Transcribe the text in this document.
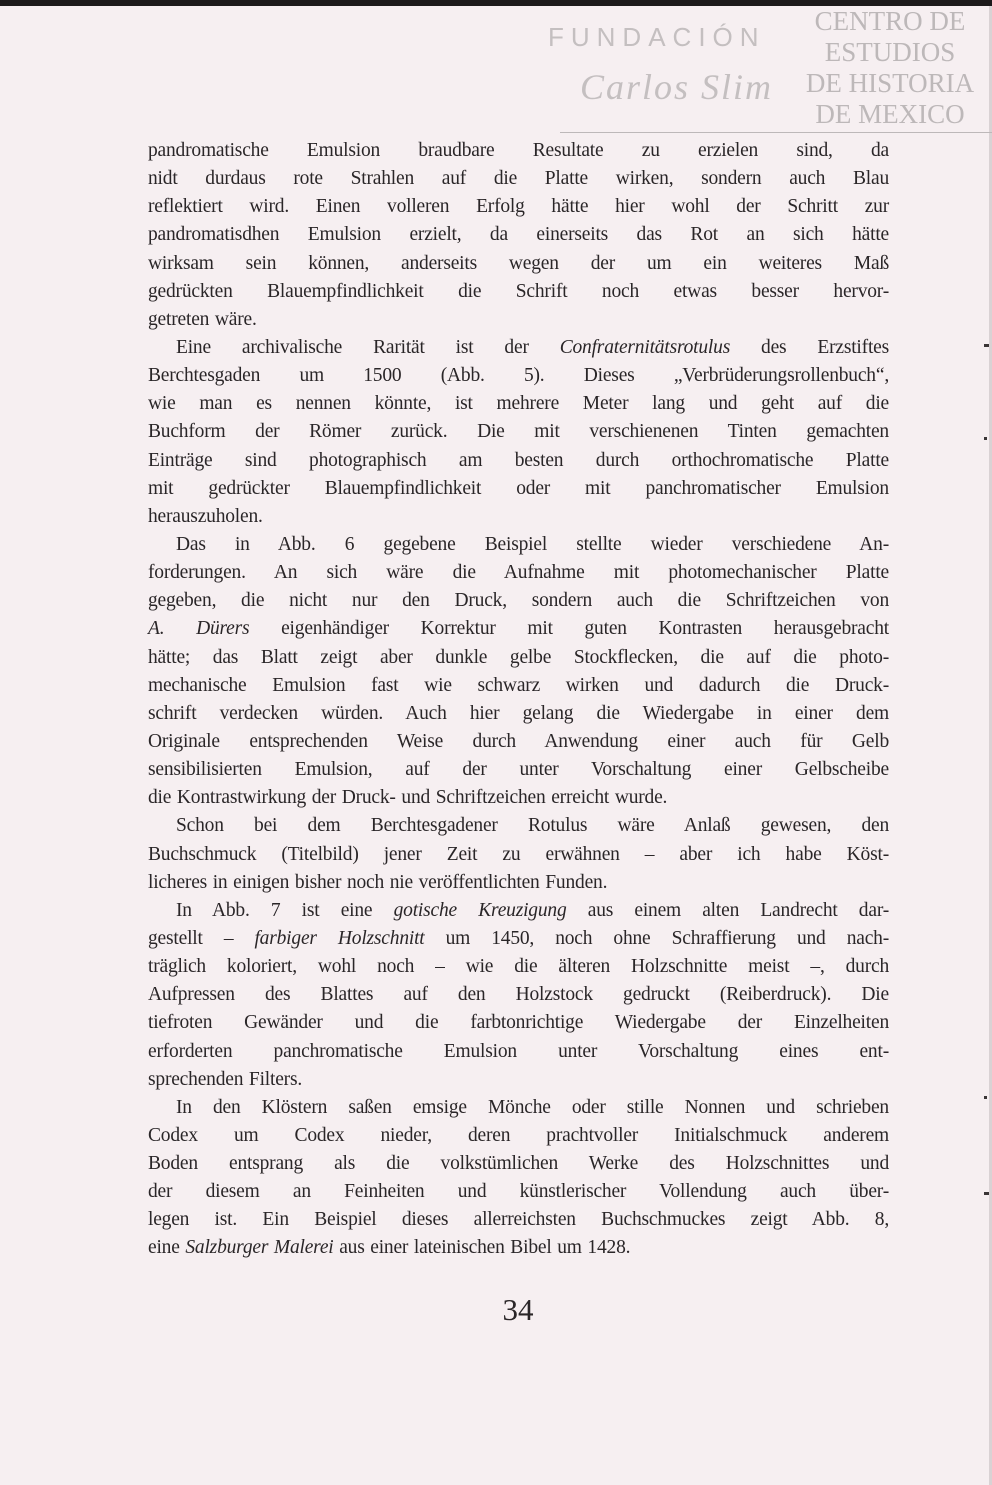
CENTRO DE
ESTUDIOS
DE HISTORIA
DE MEXICO
FUNDACIÓN
Carlos Slim
pandromatische Emulsion braudbare Resultate zu erzielen sind, da
nidt durdaus rote Strahlen auf die Platte wirken, sondern auch Blau
reflektiert wird. Einen volleren Erfolg hätte hier wohl der Schritt zur
pandromatisdhen Emulsion erzielt, da einerseits das Rot an sich hätte
wirksam sein können, anderseits wegen der um ein weiteres Maß
gedrückten Blauempfindlichkeit die Schrift noch etwas besser hervor-
getreten wäre.
Eine archivalische Rarität ist der Confraternitätsrotulus des Erzstiftes
Berchtesgaden um 1500 (Abb. 5). Dieses „Verbrüderungsrollenbuch“,
wie man es nennen könnte, ist mehrere Meter lang und geht auf die
Buchform der Römer zurück. Die mit verschienenen Tinten gemachten
Einträge sind photographisch am besten durch orthochromatische Platte
mit gedrückter Blauempfindlichkeit oder mit panchromatischer Emulsion
herauszuholen.
Das in Abb. 6 gegebene Beispiel stellte wieder verschiedene An-
forderungen. An sich wäre die Aufnahme mit photomechanischer Platte
gegeben, die nicht nur den Druck, sondern auch die Schriftzeichen von
A. Dürers eigenhändiger Korrektur mit guten Kontrasten herausgebracht
hätte; das Blatt zeigt aber dunkle gelbe Stockflecken, die auf die photo-
mechanische Emulsion fast wie schwarz wirken und dadurch die Druck-
schrift verdecken würden. Auch hier gelang die Wiedergabe in einer dem
Originale entsprechenden Weise durch Anwendung einer auch für Gelb
sensibilisierten Emulsion, auf der unter Vorschaltung einer Gelbscheibe
die Kontrastwirkung der Druck- und Schriftzeichen erreicht wurde.
Schon bei dem Berchtesgadener Rotulus wäre Anlaß gewesen, den
Buchschmuck (Titelbild) jener Zeit zu erwähnen – aber ich habe Köst-
licheres in einigen bisher noch nie veröffentlichten Funden.
In Abb. 7 ist eine gotische Kreuzigung aus einem alten Landrecht dar-
gestellt – farbiger Holzschnitt um 1450, noch ohne Schraffierung und nach-
träglich koloriert, wohl noch – wie die älteren Holzschnitte meist –, durch
Aufpressen des Blattes auf den Holzstock gedruckt (Reiberdruck). Die
tiefroten Gewänder und die farbtonrichtige Wiedergabe der Einzelheiten
erforderten panchromatische Emulsion unter Vorschaltung eines ent-
sprechenden Filters.
In den Klöstern saßen emsige Mönche oder stille Nonnen und schrieben
Codex um Codex nieder, deren prachtvoller Initialschmuck anderem
Boden entsprang als die volkstümlichen Werke des Holzschnittes und
der diesem an Feinheiten und künstlerischer Vollendung auch über-
legen ist. Ein Beispiel dieses allerreichsten Buchschmuckes zeigt Abb. 8,
eine Salzburger Malerei aus einer lateinischen Bibel um 1428.
34
